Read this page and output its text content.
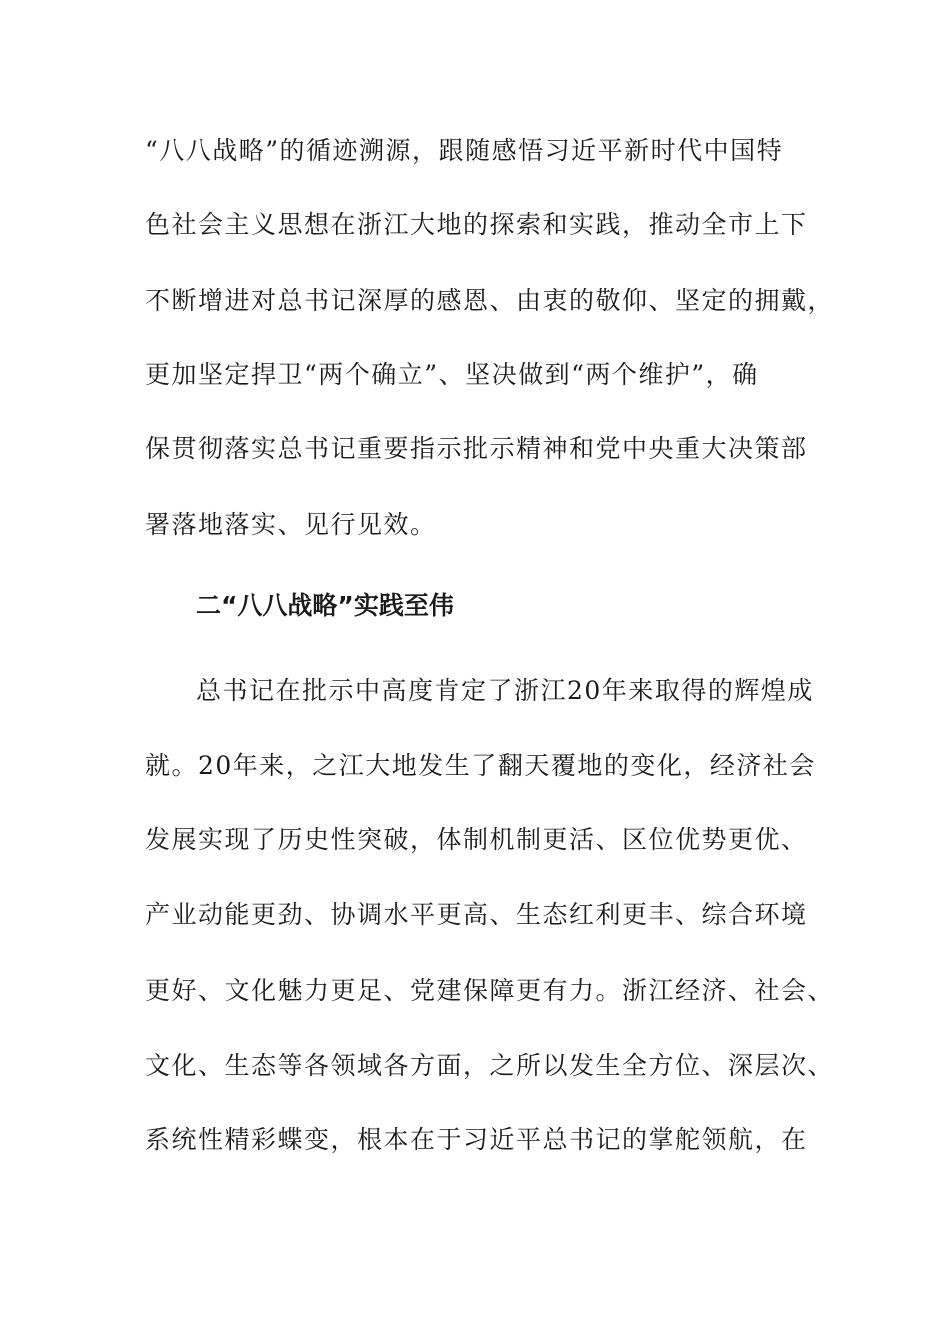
“八八战略”的循迹溯源，跟随感悟习近平新时代中国特
色社会主义思想在浙江大地的探索和实践，推动全市上下
不断增进对总书记深厚的感恩、由衷的敬仰、坚定的拥戴，
更加坚定捍卫“两个确立”、坚决做到“两个维护”，确
保贯彻落实总书记重要指示批示精神和党中央重大决策部
署落地落实、见行见效。
二“八八战略”实践至伟
总书记在批示中高度肯定了浙江20年来取得的辉煌成
就。20年来，之江大地发生了翻天覆地的变化，经济社会
发展实现了历史性突破，体制机制更活、区位优势更优、
产业动能更劲、协调水平更高、生态红利更丰、综合环境
更好、文化魅力更足、党建保障更有力。浙江经济、社会、
文化、生态等各领域各方面，之所以发生全方位、深层次、
系统性精彩蝶变，根本在于习近平总书记的掌舵领航，在
